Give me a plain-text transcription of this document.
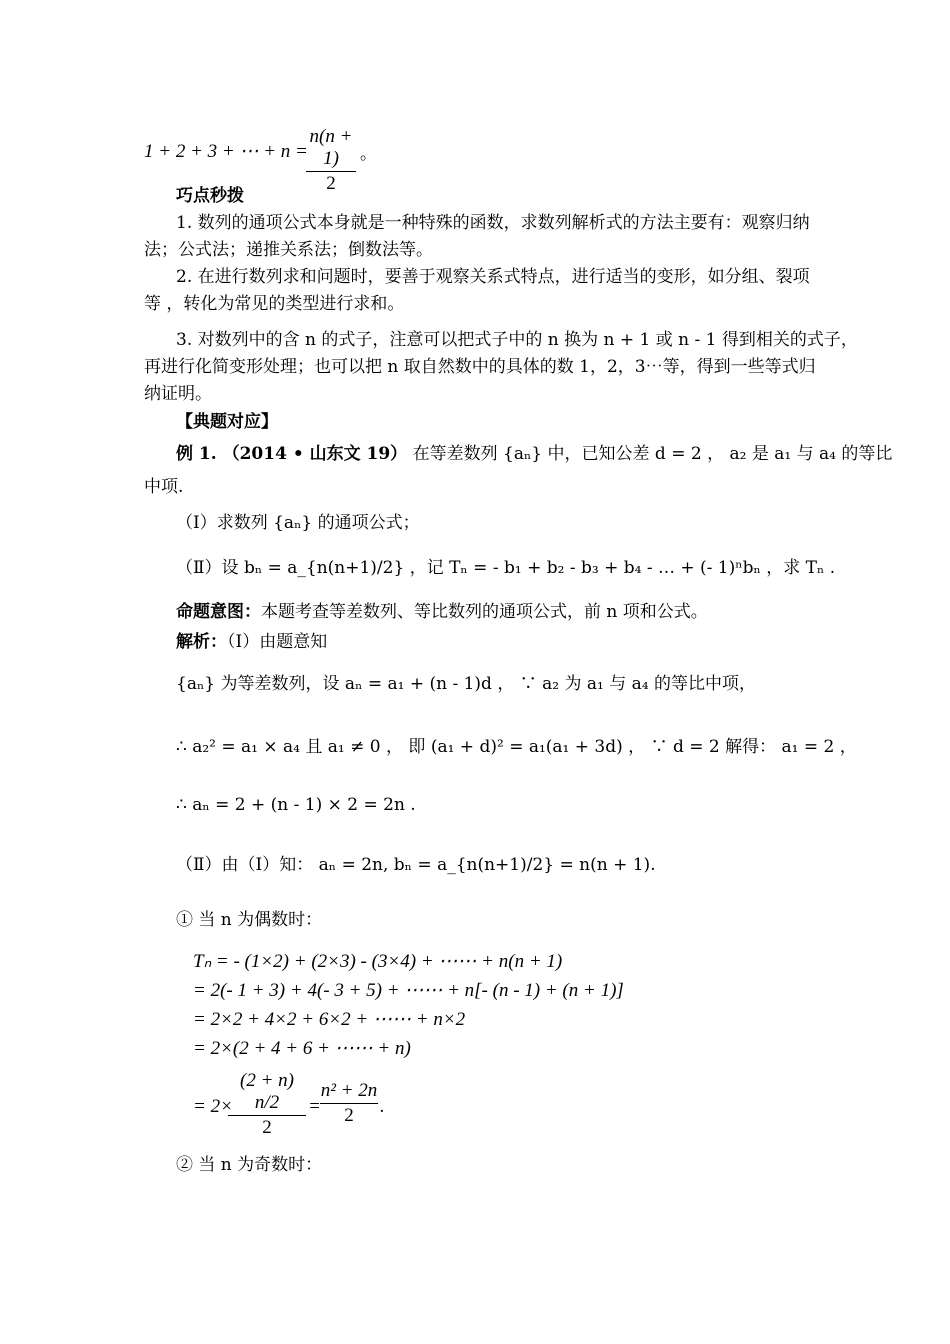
1 + 2 + 3 + ⋯ + n =
n(n + 1)
2
。
巧点秒拨
1. 数列的通项公式本身就是一种特殊的函数，求数列解析式的方法主要有：观察归纳
法；公式法；递推关系法；倒数法等。
2. 在进行数列求和问题时，要善于观察关系式特点，进行适当的变形，如分组、裂项
等 ，转化为常见的类型进行求和。
3. 对数列中的含 n 的式子，注意可以把式子中的 n 换为 n + 1 或 n - 1 得到相关的式子，
再进行化简变形处理；也可以把 n 取自然数中的具体的数 1，2，3⋯等，得到一些等式归
纳证明。
【典题对应】
例 1. （2014 • 山东文 19） 在等差数列 {aₙ} 中，已知公差 d = 2 ， a₂ 是 a₁ 与 a₄ 的等比
中项.
（Ⅰ）求数列 {aₙ} 的通项公式；
（Ⅱ）设 bₙ = a_{n(n+1)/2} ，记 Tₙ = - b₁ + b₂ - b₃ + b₄ - … + (- 1)ⁿbₙ ，求 Tₙ .
命题意图：本题考查等差数列、等比数列的通项公式，前 n 项和公式。
解析：（Ⅰ）由题意知
{aₙ} 为等差数列，设 aₙ = a₁ + (n - 1)d ， ∵ a₂ 为 a₁ 与 a₄ 的等比中项，
∴ a₂² = a₁ × a₄ 且 a₁ ≠ 0 ， 即 (a₁ + d)² = a₁(a₁ + 3d) ， ∵ d = 2 解得： a₁ = 2 ，
∴ aₙ = 2 + (n - 1) × 2 = 2n .
（Ⅱ）由（Ⅰ）知： aₙ = 2n, bₙ = a_{n(n+1)/2} = n(n + 1).
① 当 n 为偶数时：
Tₙ = - (1×2) + (2×3) - (3×4) + ⋯⋯ + n(n + 1)
= 2(- 1 + 3) + 4(- 3 + 5) + ⋯⋯ + n[- (n - 1) + (n + 1)]
= 2×2 + 4×2 + 6×2 + ⋯⋯ + n×2
= 2×(2 + 4 + 6 + ⋯⋯ + n)
= 2×
(2 + n) n/2
2
=
n² + 2n
2	.
② 当 n 为奇数时：
